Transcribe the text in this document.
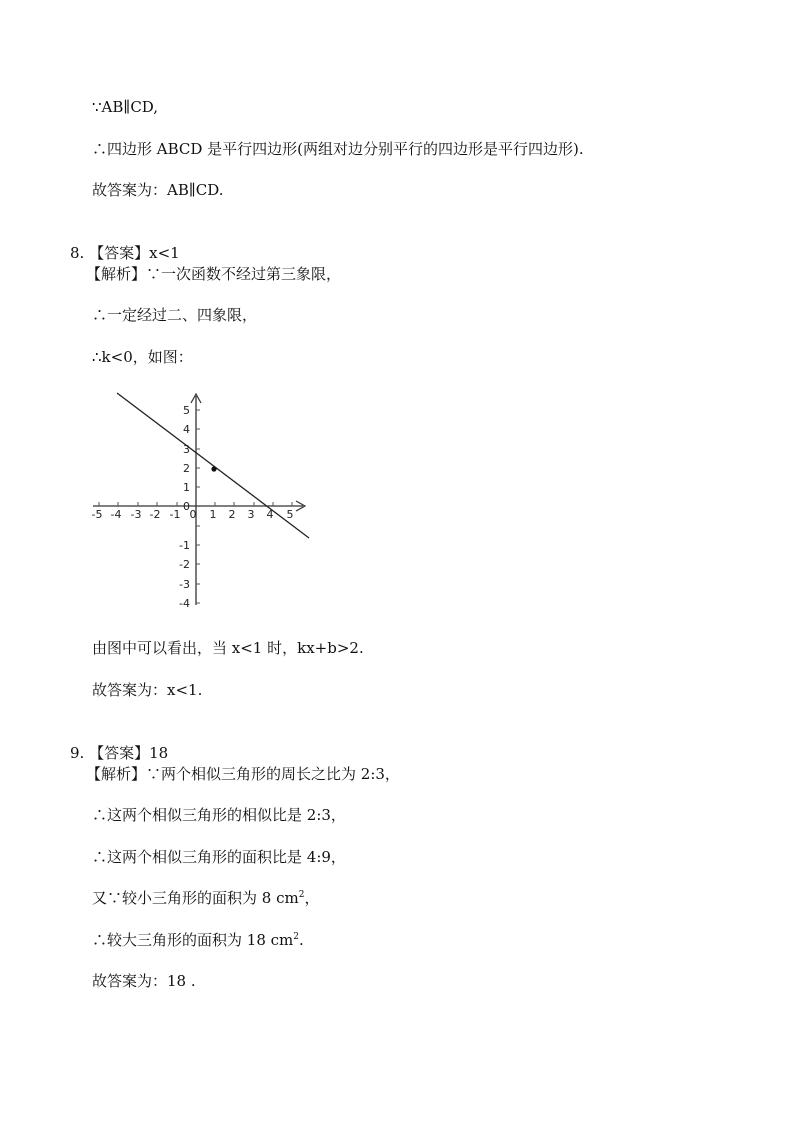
∵AB∥CD,
∴四边形 ABCD 是平行四边形(两组对边分别平行的四边形是平行四边形).
故答案为：AB∥CD.
8. 【答案】x<1
【解析】∵一次函数不经过第三象限，
∴一定经过二、四象限，
∴k<0，如图：
-5 -4 -3 -2 -1 0 1 2 3 4 5
5
4
3
2
1
0
-1
-2
-3
-4
由图中可以看出，当 x<1 时，kx+b>2.
故答案为：x<1.
9. 【答案】18
【解析】∵两个相似三角形的周长之比为 2:3，
∴这两个相似三角形的相似比是 2:3，
∴这两个相似三角形的面积比是 4:9，
又∵较小三角形的面积为 8 $cm^2$，
∴较大三角形的面积为 18 $cm^2$.
故答案为：18 .
